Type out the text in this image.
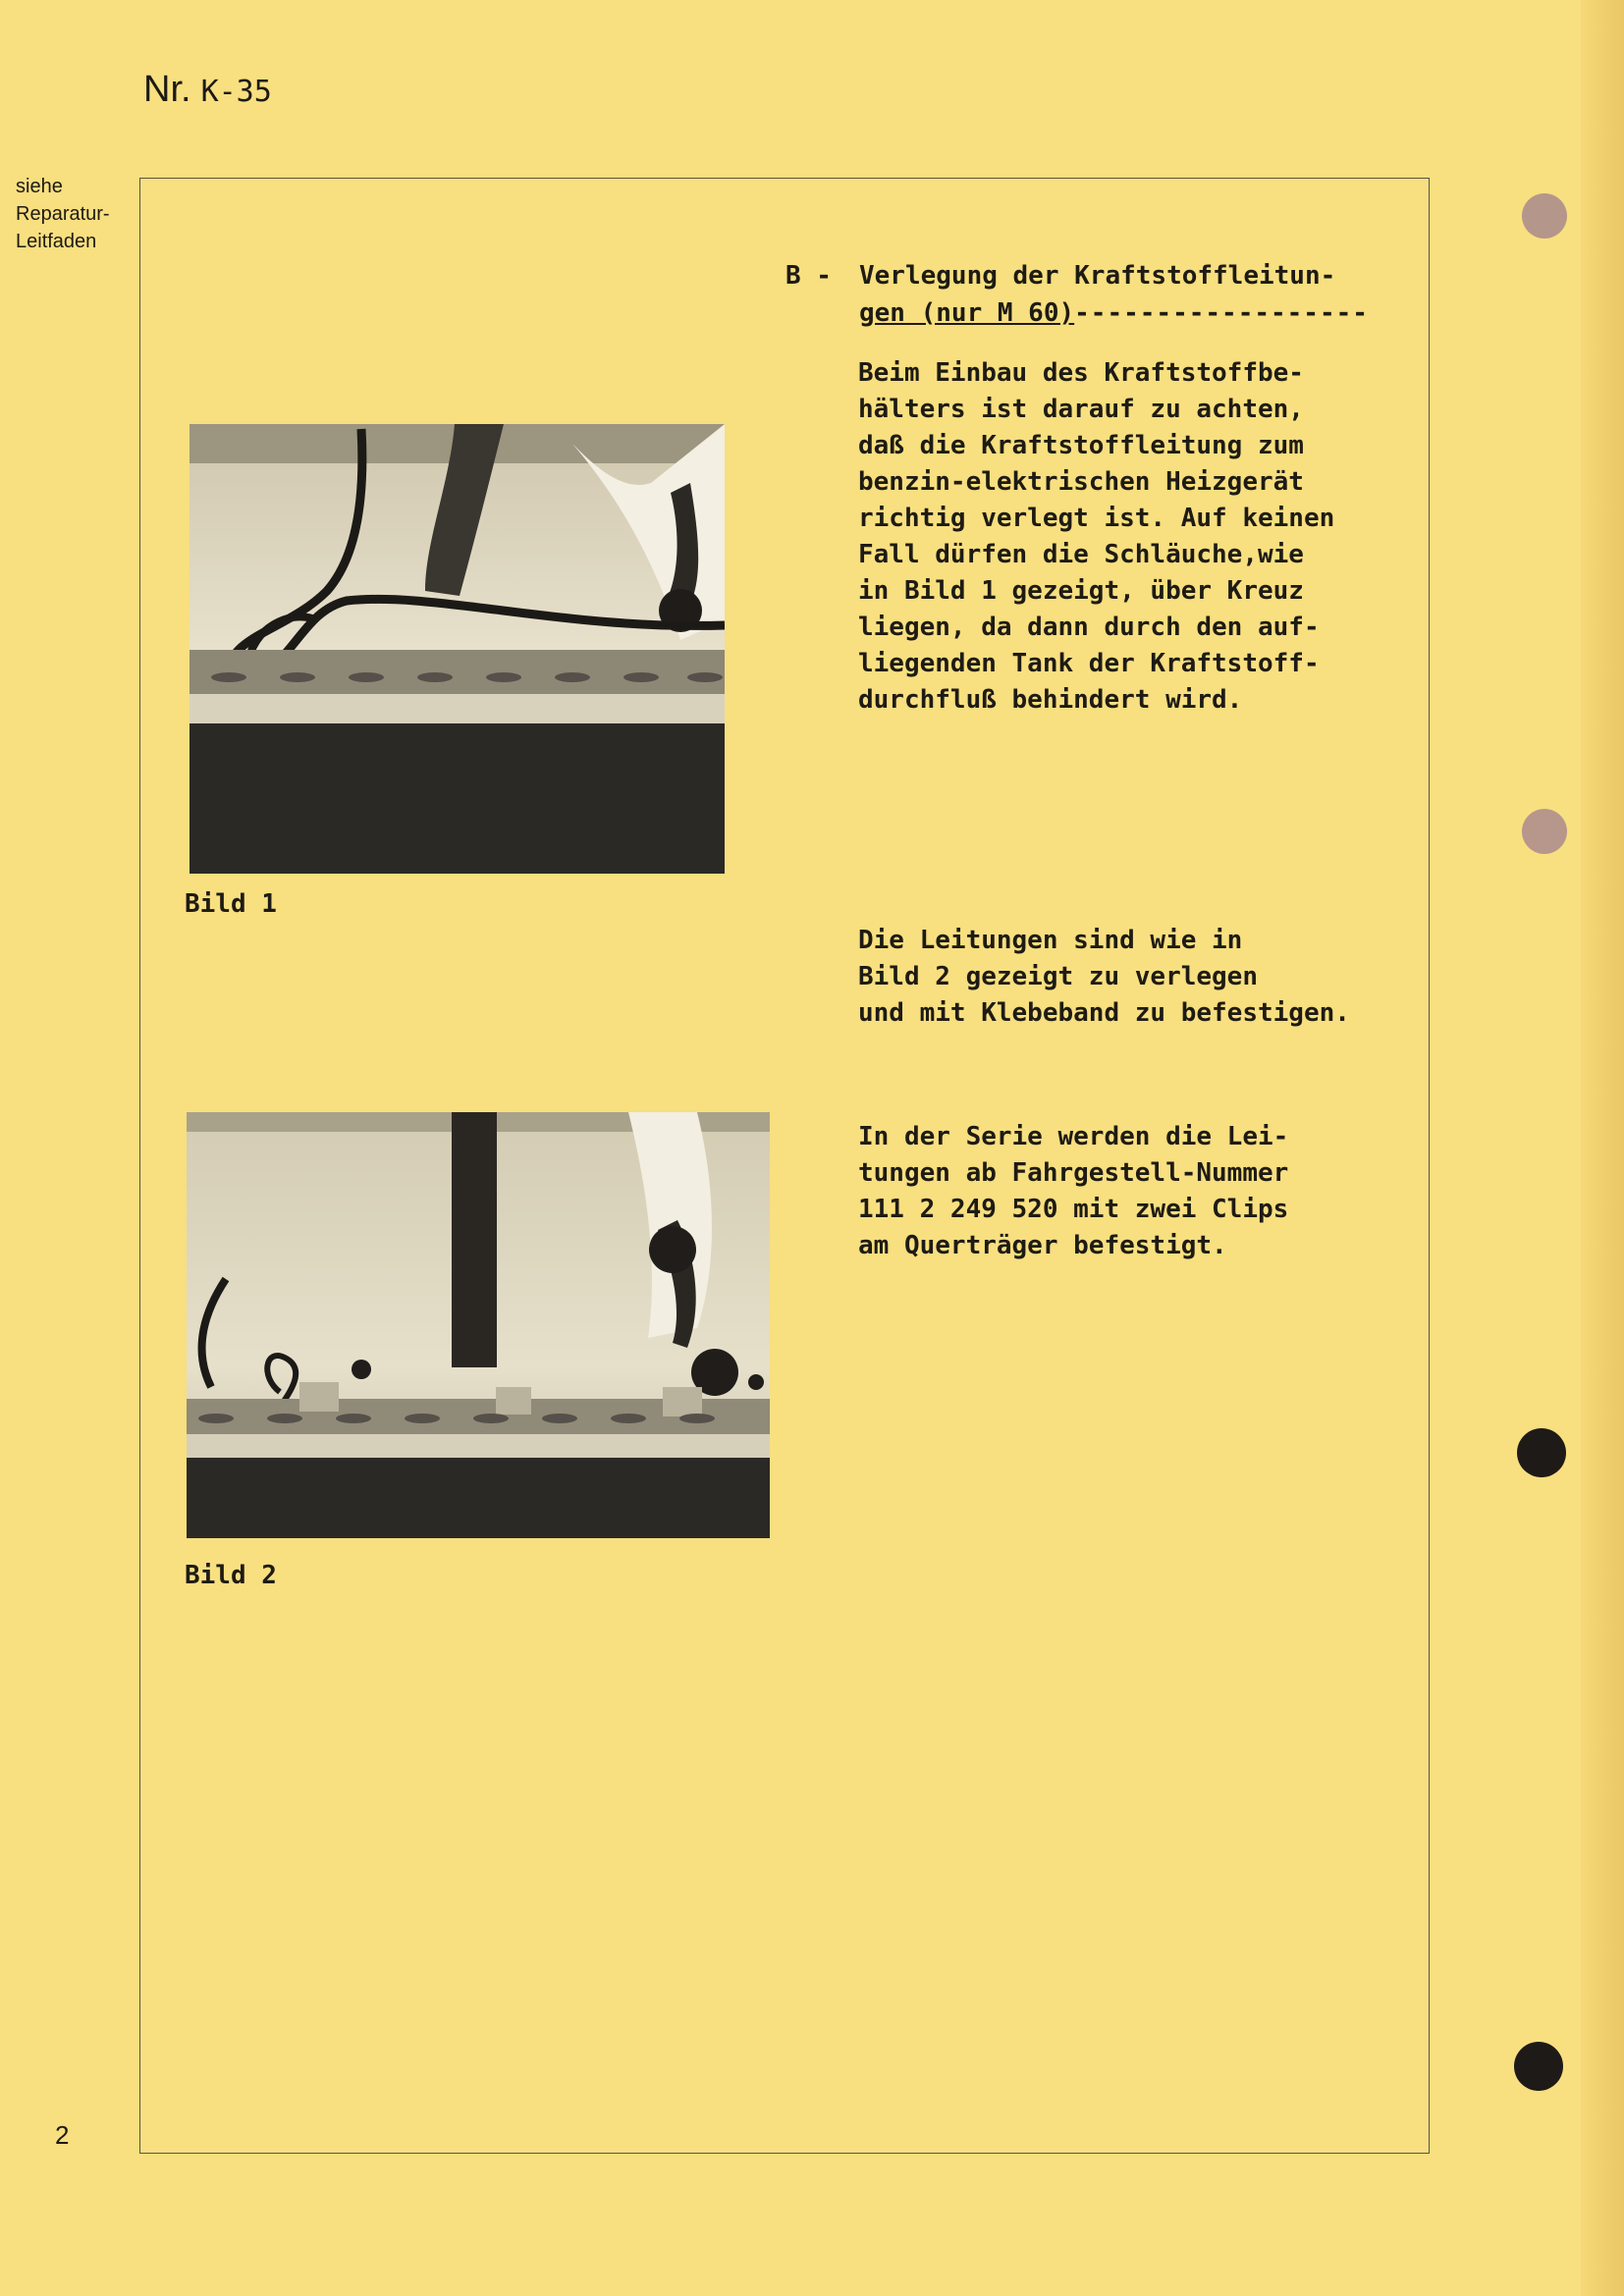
Nr. K-35
siehe
Reparatur-
Leitfaden
B - Verlegung der Kraftstoffleitun-
gen (nur M 60)------------------
Beim Einbau des Kraftstoffbe-
hälters ist darauf zu achten,
daß die Kraftstoffleitung zum
benzin-elektrischen Heizgerät
richtig verlegt ist. Auf keinen
Fall dürfen die Schläuche,wie
in Bild 1 gezeigt, über Kreuz
liegen, da dann durch den auf-
liegenden Tank der Kraftstoff-
durchfluß behindert wird.
Die Leitungen sind wie in
Bild 2 gezeigt zu verlegen
und mit Klebeband zu befestigen.
In der Serie werden die Lei-
tungen ab Fahrgestell-Nummer
111 2 249 520 mit zwei Clips
am Querträger befestigt.
Bild 1
Bild 2
2
